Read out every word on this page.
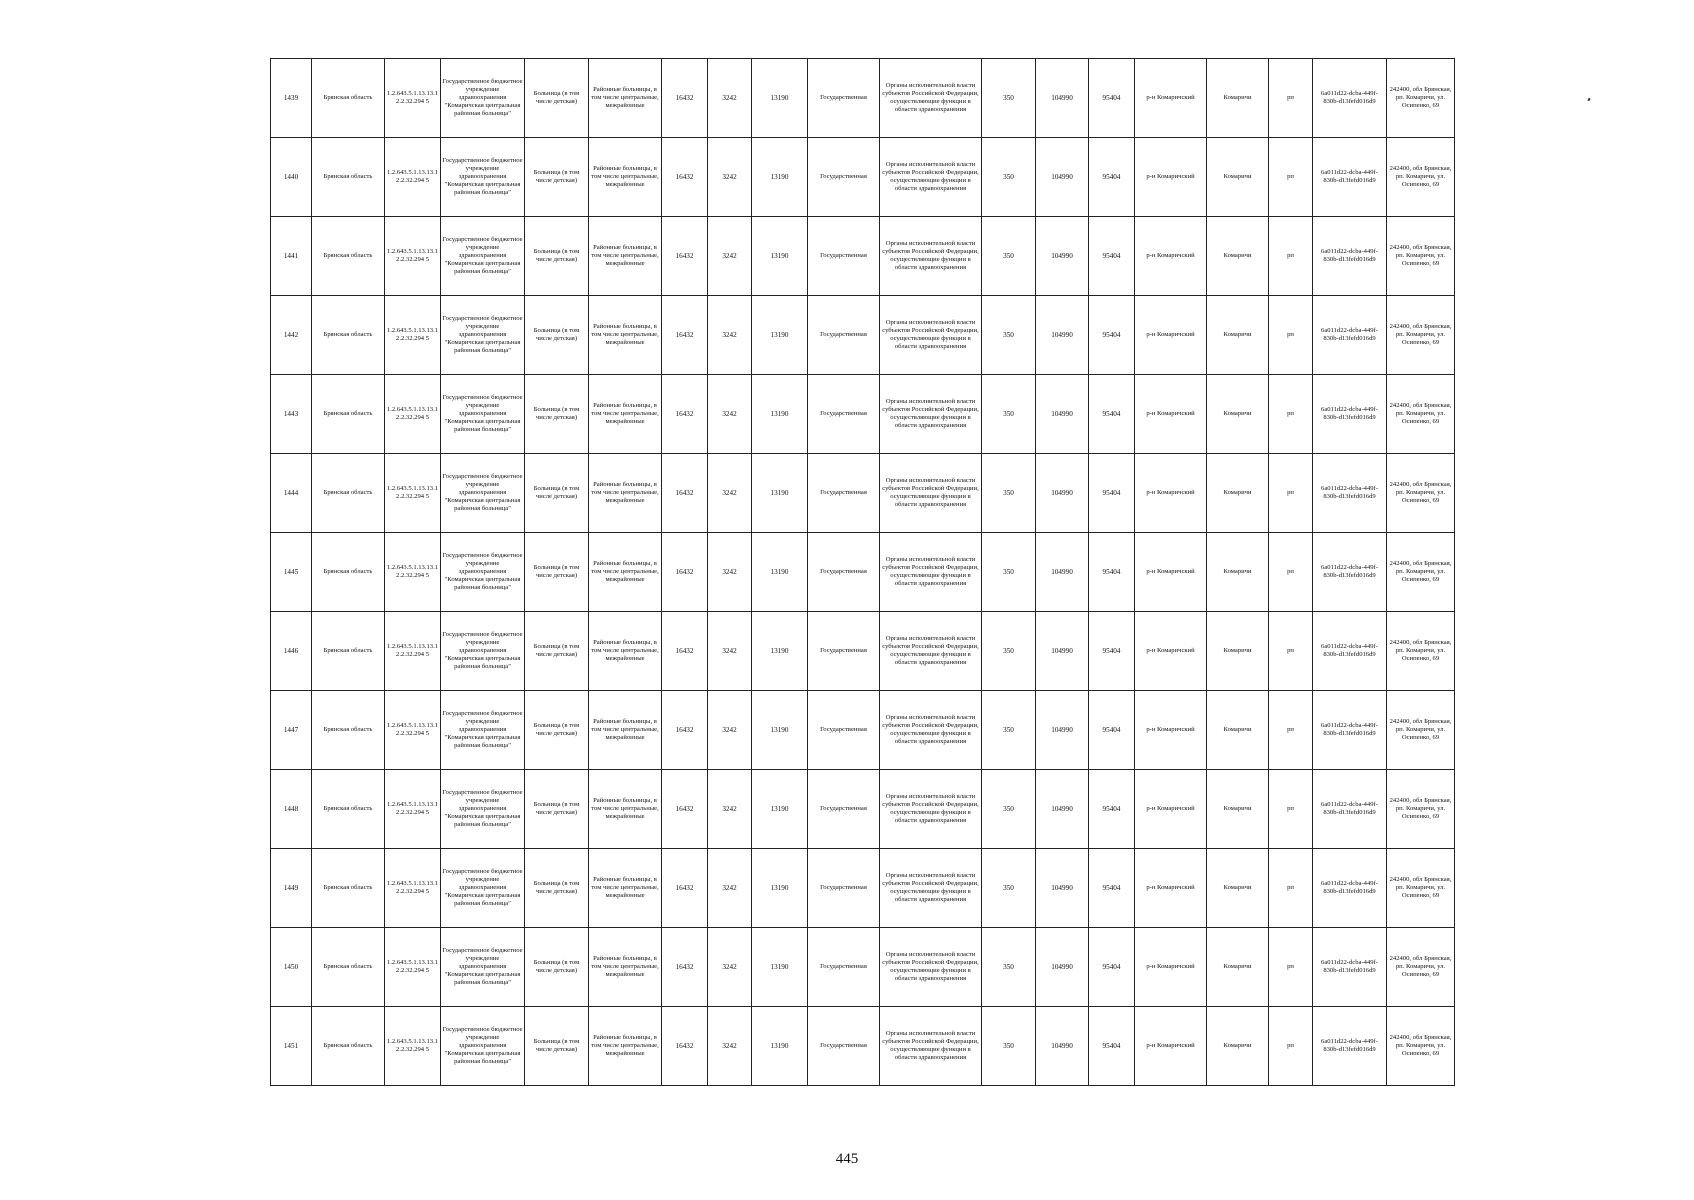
1439	Брянская область	1.2.643.5.1.13.13.12.2.32.294 5	Государственное бюджетное учреждение здравоохранения "Комаричская центральная районная больница"	Больница (в том числе детская)	Районные больницы, в том числе центральные, межрайонные	16432	3242	13190	Государственная	Органы исполнительной власти субъектов Российской Федерации, осуществляющие функции в области здравоохранения	350	104990	95404	р-н Комаричский	Комаричи	рп	6a011d22-dcba-449f-830b-d13fefd016d9	242400, обл Брянская, рп. Комаричи, ул. Осипенко, 69
1440	Брянская область	1.2.643.5.1.13.13.12.2.32.294 5	Государственное бюджетное учреждение здравоохранения "Комаричская центральная районная больница"	Больница (в том числе детская)	Районные больницы, в том числе центральные, межрайонные	16432	3242	13190	Государственная	Органы исполнительной власти субъектов Российской Федерации, осуществляющие функции в области здравоохранения	350	104990	95404	р-н Комаричский	Комаричи	рп	6a011d22-dcba-449f-830b-d13fefd016d9	242400, обл Брянская, рп. Комаричи, ул. Осипенко, 69
1441	Брянская область	1.2.643.5.1.13.13.12.2.32.294 5	Государственное бюджетное учреждение здравоохранения "Комаричская центральная районная больница"	Больница (в том числе детская)	Районные больницы, в том числе центральные, межрайонные	16432	3242	13190	Государственная	Органы исполнительной власти субъектов Российской Федерации, осуществляющие функции в области здравоохранения	350	104990	95404	р-н Комаричский	Комаричи	рп	6a011d22-dcba-449f-830b-d13fefd016d9	242400, обл Брянская, рп. Комаричи, ул. Осипенко, 69
1442	Брянская область	1.2.643.5.1.13.13.12.2.32.294 5	Государственное бюджетное учреждение здравоохранения "Комаричская центральная районная больница"	Больница (в том числе детская)	Районные больницы, в том числе центральные, межрайонные	16432	3242	13190	Государственная	Органы исполнительной власти субъектов Российской Федерации, осуществляющие функции в области здравоохранения	350	104990	95404	р-н Комаричский	Комаричи	рп	6a011d22-dcba-449f-830b-d13fefd016d9	242400, обл Брянская, рп. Комаричи, ул. Осипенко, 69
1443	Брянская область	1.2.643.5.1.13.13.12.2.32.294 5	Государственное бюджетное учреждение здравоохранения "Комаричская центральная районная больница"	Больница (в том числе детская)	Районные больницы, в том числе центральные, межрайонные	16432	3242	13190	Государственная	Органы исполнительной власти субъектов Российской Федерации, осуществляющие функции в области здравоохранения	350	104990	95404	р-н Комаричский	Комаричи	рп	6a011d22-dcba-449f-830b-d13fefd016d9	242400, обл Брянская, рп. Комаричи, ул. Осипенко, 69
1444	Брянская область	1.2.643.5.1.13.13.12.2.32.294 5	Государственное бюджетное учреждение здравоохранения "Комаричская центральная районная больница"	Больница (в том числе детская)	Районные больницы, в том числе центральные, межрайонные	16432	3242	13190	Государственная	Органы исполнительной власти субъектов Российской Федерации, осуществляющие функции в области здравоохранения	350	104990	95404	р-н Комаричский	Комаричи	рп	6a011d22-dcba-449f-830b-d13fefd016d9	242400, обл Брянская, рп. Комаричи, ул. Осипенко, 69
1445	Брянская область	1.2.643.5.1.13.13.12.2.32.294 5	Государственное бюджетное учреждение здравоохранения "Комаричская центральная районная больница"	Больница (в том числе детская)	Районные больницы, в том числе центральные, межрайонные	16432	3242	13190	Государственная	Органы исполнительной власти субъектов Российской Федерации, осуществляющие функции в области здравоохранения	350	104990	95404	р-н Комаричский	Комаричи	рп	6a011d22-dcba-449f-830b-d13fefd016d9	242400, обл Брянская, рп. Комаричи, ул. Осипенко, 69
1446	Брянская область	1.2.643.5.1.13.13.12.2.32.294 5	Государственное бюджетное учреждение здравоохранения "Комаричская центральная районная больница"	Больница (в том числе детская)	Районные больницы, в том числе центральные, межрайонные	16432	3242	13190	Государственная	Органы исполнительной власти субъектов Российской Федерации, осуществляющие функции в области здравоохранения	350	104990	95404	р-н Комаричский	Комаричи	рп	6a011d22-dcba-449f-830b-d13fefd016d9	242400, обл Брянская, рп. Комаричи, ул. Осипенко, 69
1447	Брянская область	1.2.643.5.1.13.13.12.2.32.294 5	Государственное бюджетное учреждение здравоохранения "Комаричская центральная районная больница"	Больница (в том числе детская)	Районные больницы, в том числе центральные, межрайонные	16432	3242	13190	Государственная	Органы исполнительной власти субъектов Российской Федерации, осуществляющие функции в области здравоохранения	350	104990	95404	р-н Комаричский	Комаричи	рп	6a011d22-dcba-449f-830b-d13fefd016d9	242400, обл Брянская, рп. Комаричи, ул. Осипенко, 69
1448	Брянская область	1.2.643.5.1.13.13.12.2.32.294 5	Государственное бюджетное учреждение здравоохранения "Комаричская центральная районная больница"	Больница (в том числе детская)	Районные больницы, в том числе центральные, межрайонные	16432	3242	13190	Государственная	Органы исполнительной власти субъектов Российской Федерации, осуществляющие функции в области здравоохранения	350	104990	95404	р-н Комаричский	Комаричи	рп	6a011d22-dcba-449f-830b-d13fefd016d9	242400, обл Брянская, рп. Комаричи, ул. Осипенко, 69
1449	Брянская область	1.2.643.5.1.13.13.12.2.32.294 5	Государственное бюджетное учреждение здравоохранения "Комаричская центральная районная больница"	Больница (в том числе детская)	Районные больницы, в том числе центральные, межрайонные	16432	3242	13190	Государственная	Органы исполнительной власти субъектов Российской Федерации, осуществляющие функции в области здравоохранения	350	104990	95404	р-н Комаричский	Комаричи	рп	6a011d22-dcba-449f-830b-d13fefd016d9	242400, обл Брянская, рп. Комаричи, ул. Осипенко, 69
1450	Брянская область	1.2.643.5.1.13.13.12.2.32.294 5	Государственное бюджетное учреждение здравоохранения "Комаричская центральная районная больница"	Больница (в том числе детская)	Районные больницы, в том числе центральные, межрайонные	16432	3242	13190	Государственная	Органы исполнительной власти субъектов Российской Федерации, осуществляющие функции в области здравоохранения	350	104990	95404	р-н Комаричский	Комаричи	рп	6a011d22-dcba-449f-830b-d13fefd016d9	242400, обл Брянская, рп. Комаричи, ул. Осипенко, 69
1451	Брянская область	1.2.643.5.1.13.13.12.2.32.294 5	Государственное бюджетное учреждение здравоохранения "Комаричская центральная районная больница"	Больница (в том числе детская)	Районные больницы, в том числе центральные, межрайонные	16432	3242	13190	Государственная	Органы исполнительной власти субъектов Российской Федерации, осуществляющие функции в области здравоохранения	350	104990	95404	р-н Комаричский	Комаричи	рп	6a011d22-dcba-449f-830b-d13fefd016d9	242400, обл Брянская, рп. Комаричи, ул. Осипенко, 69
445
